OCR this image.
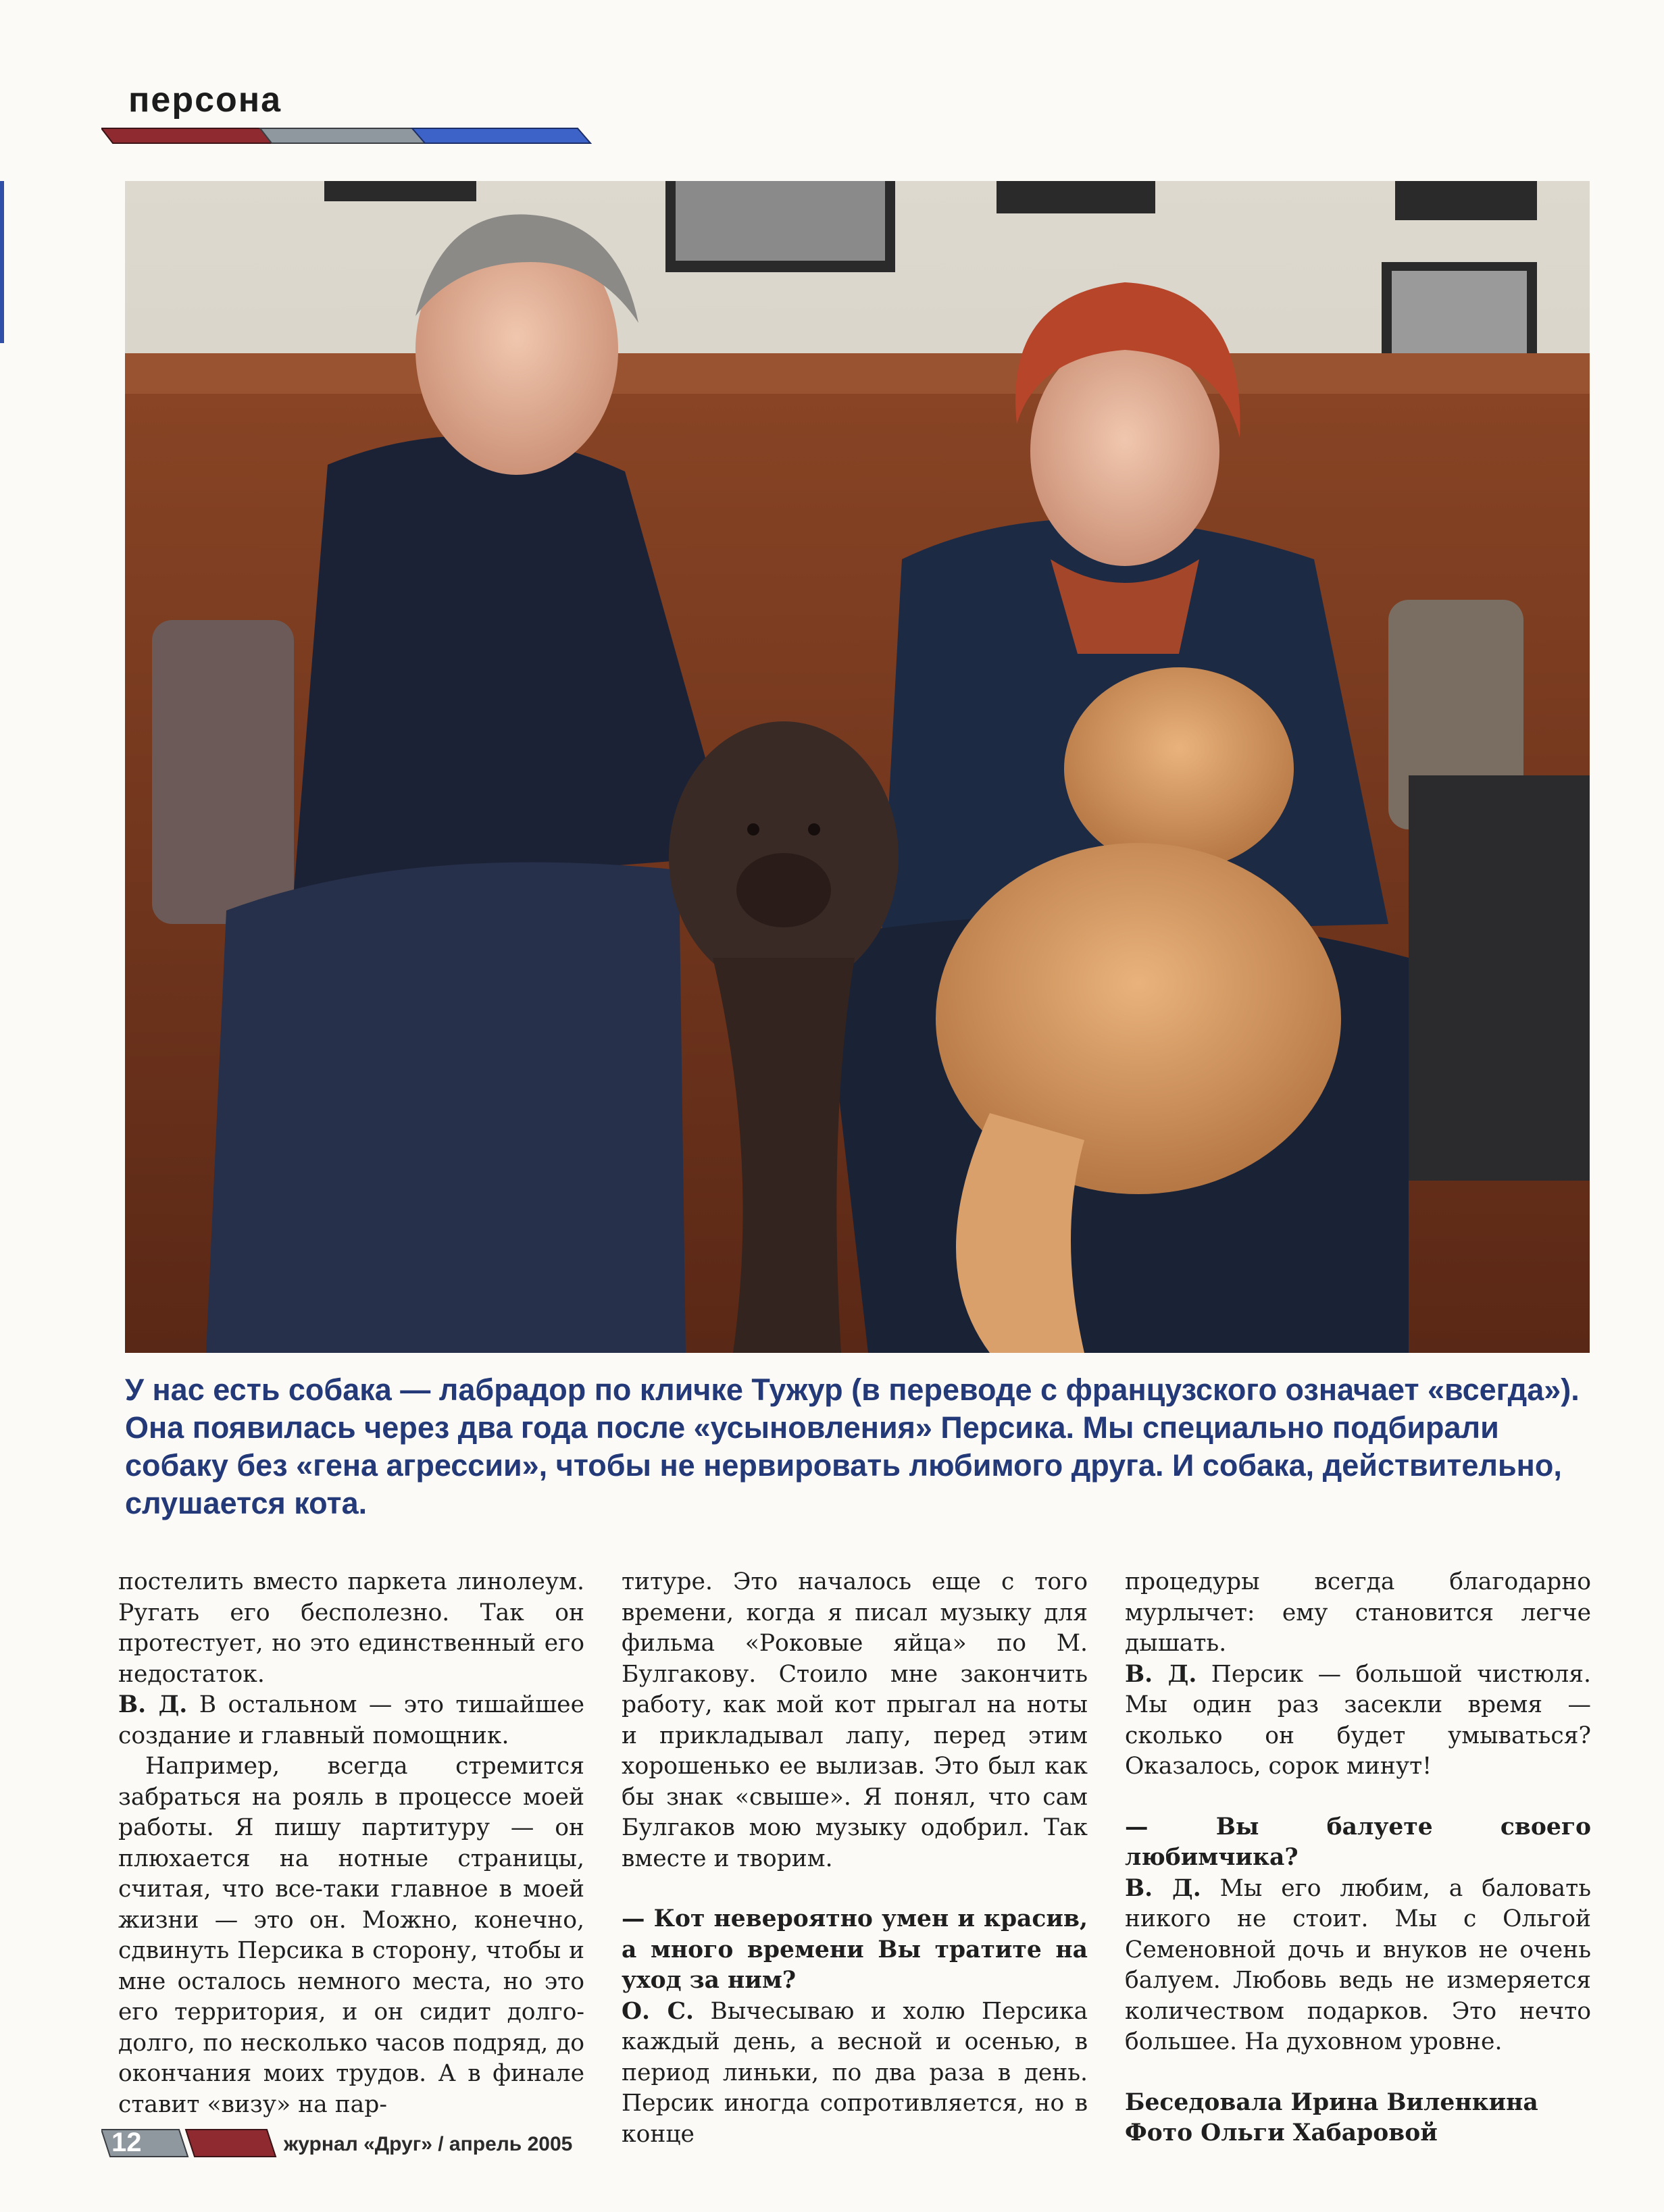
персона
У нас есть собака — лабрадор по кличке Тужур (в переводе с французского означает «всегда»). Она появилась через два года после «усыновления» Персика. Мы специально подбирали собаку без «гена агрессии», чтобы не нервировать любимого друга. И собака, действительно, слушается кота.

постелить вместо паркета линолеум. Ругать его бесполезно. Так он протестует, но это единственный его недостаток.

В. Д. В остальном — это тишайшее создание и главный помощник.

Например, всегда стремится забраться на рояль в процессе моей работы. Я пишу партитуру — он плюхается на нотные страницы, считая, что все-таки главное в моей жизни — это он. Можно, конечно, сдвинуть Персика в сторону, чтобы и мне осталось немного места, но это его территория, и он сидит долго-долго, по несколько часов подряд, до окончания моих трудов. А в финале ставит «визу» на пар-

титуре. Это началось еще с того времени, когда я писал музыку для фильма «Роковые яйца» по М. Булгакову. Стоило мне закончить работу, как мой кот прыгал на ноты и прикладывал лапу, перед этим хорошенько ее вылизав. Это был как бы знак «свыше». Я понял, что сам Булгаков мою музыку одобрил. Так вместе и творим.

— Кот невероятно умен и красив, а много времени Вы тратите на уход за ним?

О. С. Вычесываю и холю Персика каждый день, а весной и осенью, в период линьки, по два раза в день. Персик иногда сопротивляется, но в конце

процедуры всегда благодарно мурлычет: ему становится легче дышать.

В. Д. Персик — большой чистюля. Мы один раз засекли время — сколько он будет умываться? Оказалось, сорок минут!

— Вы балуете своего любимчика?

В. Д. Мы его любим, а баловать никого не стоит. Мы с Ольгой Семеновной дочь и внуков не очень балуем. Любовь ведь не измеряется количеством подарков. Это нечто большее. На духовном уровне.

Беседовала Ирина Виленкина
Фото Ольги Хабаровой
12	журнал «Друг» / апрель 2005
